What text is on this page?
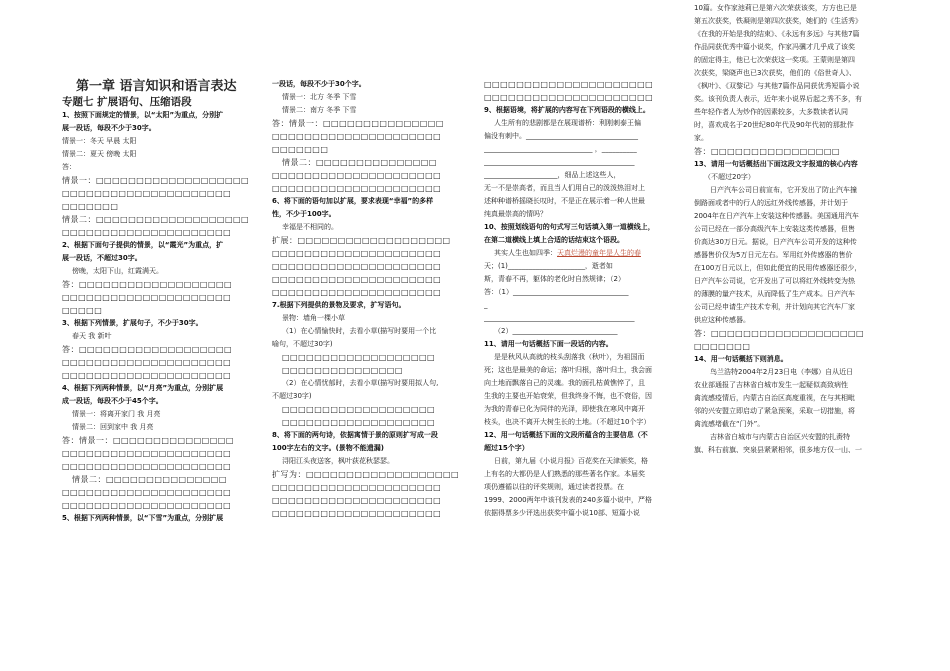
第一章 语言知识和语言表达
专题七 扩展语句、压缩语段
1、按照下面规定的情景，以“太阳”为重点，分别扩
展一段话，每段不少于30字。
情景一：冬天 早晨 太阳
情景二：夏天 傍晚 太阳
答：
情景一：□□□□□□□□□□□□□□□□□□□
□□□□□□□□□□□□□□□□□□□□□
□□□□□□□
情景二：□□□□□□□□□□□□□□□□□□□
□□□□□□□□□□□□□□□□□□□□□
2、根据下面句子提供的情景，以“霞光”为重点，扩
展一段话，不超过30字。
傍晚，太阳下山，红霞满天。
答：□□□□□□□□□□□□□□□□□□□
□□□□□□□□□□□□□□□□□□□□□
□□□□□
3、根据下列情景，扩展句子，不少于30字。
春天 我 新叶
答：□□□□□□□□□□□□□□□□□□□
□□□□□□□□□□□□□□□□□□□□□
□□□□□□□□□□□□□□□□□□□□□
4、根据下列两种情景，以“月亮”为重点，分别扩展
成一段话，每段不少于45个字。
情景一：将离开家门 我 月亮
情景二：回到家中 我 月亮
答：情景一：□□□□□□□□□□□□□□□
□□□□□□□□□□□□□□□□□□□□□
□□□□□□□□□□□□□□□□□□□□□
情景二：□□□□□□□□□□□□□□□
□□□□□□□□□□□□□□□□□□□□□
□□□□□□□□□□□□□□□□□□□□□
5、根据下列两种情景，以“下雪”为重点，分别扩展
一段话，每段不少于30个字。
情景一：北方 冬季 下雪
情景二：南方 冬季 下雪
答：情景一：□□□□□□□□□□□□□□□
□□□□□□□□□□□□□□□□□□□□□
□□□□□□□
情景二：□□□□□□□□□□□□□□□
□□□□□□□□□□□□□□□□□□□□□
□□□□□□□□□□□□□□□□□□□□□
6、将下面的语句加以扩展，要求表现“幸福”的多样
性，不少于100字。
幸福是不相同的。
扩展：□□□□□□□□□□□□□□□□□□□
□□□□□□□□□□□□□□□□□□□□□
□□□□□□□□□□□□□□□□□□□□□
□□□□□□□□□□□□□□□□□□□□□
□□□□□□□□□□□□□□□□□□□□□
7.根据下列提供的景物及要求，扩写语句。
景物：墙角一棵小草
（1）在心情愉快时，去看小草(描写时要用一个比
喻句，不超过30字)
□□□□□□□□□□□□□□□□□□□
□□□□□□□□□□□□□□□
（2）在心情忧郁时，去看小草(描写时要用拟人句,
不超过30字)
□□□□□□□□□□□□□□□□□□□
□□□□□□□□□□□□□□□□□□□
8、将下面的两句诗，依据寓情于景的原则扩写成一段
100字左右的文字。(景物不能遗漏)
浔阳江头夜送客，枫叶荻花秋瑟瑟。
扩写为：□□□□□□□□□□□□□□□□□□□
□□□□□□□□□□□□□□□□□□□□□
□□□□□□□□□□□□□□□□□□□□□
□□□□□□□□□□□□□□□□□□□□□
□□□□□□□□□□□□□□□□□□□□□
□□□□□□□□□□□□□□□□□□□□□
9、根据语境，将扩展的内容写在下列语段的横线上。
人生所有的悲剧都是在展现谱桥：利刚刺泰王偏
偏没有刺中。________________________________
_______________________________ ，__________
___________________________________________
_____________________，细品上述这些人，
无一不是崇高者，而且当人们用自己的泼泼热泪对上
述种种谱桥摇晓长叹时，不是正在展示着一种人世最
纯真最崇高的情吗？
10、按照划线语句的句式写三句话填入第一道横线上，
在第二道横线上填上合适的话结束这个语段。
其实人生也如四季：天真烂漫的童年是人生的春
天；(1)______________________，逝者如
斯，青春不再，躯体的老化时自然规律；（2）
答：（1）_________________________________
_
___________________________________________
（2）______________________________
11、请用一句话概括下面一段话的内容。
是是秋风从高就的枝头刮落我（秋叶），为祖国而
死；这也是最美的命运；落叶归根，落叶归土，我会面
向土地而飘落自己的灵魂。我的面孔枯黄憔悴了，且
生我的主要也开始衰荣，但我终身不悔，也不衰俗，因
为我的青春已化为同伴的光泽，即使我在寒风中离开
枝头，也决不离开大树生长的土地。（不超过10个字）
12、用一句话概括下面的文段所蕴含的主要信息（不
超过15个字）
日前，第九届《小说月报》百花奖在天津颁奖，格
上有名的大都仍是人们熟悉的那些著名作家。本届奖
项仍遵循以往的评奖规则，通过读者投票。在
1999、2000两年中该刊发表的240多篇小说中，严格
依据得票多少评选出获奖中篇小说10部、短篇小说
10篇。女作家池莉已是第六次荣获该奖，方方也已是
第五次获奖，铁凝则是第四次获奖，她们的《生活秀》
《在我的开始是我的结束》、《永远有多远》与其他7篇
作品同获优秀中篇小说奖，作家冯骥才几乎成了该奖
的固定得主，他已七次荣获这一奖项。王蒙则是第四
次获奖，梁晓声也已3次获奖，他们的《俗世奇人》、
《枫叶》、《双黎记》与其他7篇作品同获优秀短篇小说
奖。该刊负责人表示，近年来小说界后起之秀不多，有
些年轻作者人为炒作的因素较多，大多数读者认同
时，喜欢成名于20世纪80年代及90年代初的那批作
家。
答：□□□□□□□□□□□□□□□□
13、请用一句话概括出下面这段文字报道的核心内容
（不超过20字）
日产汽车公司日前宣布，它开发出了防止汽车撞
倒路面或者中的行人的远红外线传感器，并计划于
2004年在日产汽车上安装这种传感器。美国通用汽车
公司已经在一部分高级汽车上安装这类传感器，但售
价高达30万日元。据说，日产汽车公司开发的这种传
感器售价仅为5万日元左右。军用红外传感器的售价
在100万日元以上，但如此便宜的民用传感器还很少，
日产汽车公司说，它开发出了可以将红外线转变为热
的薄膜的量产技术，从而降低了生产成本。日产汽车
公司已经申请生产技术专利，并计划向其它汽车厂家
供应这种传感器。
答：□□□□□□□□□□□□□□□□□□□
□□□□□□□
14、用一句话概括下则消息。
鸟兰浩特2004年2月23日电（李娜）自从近日
农业部通报了吉林省白城市发生一起疑似高致病性
禽流感疫情后，内蒙古自治区高度重视，在与其相毗
邻的兴安盟立即启动了紧急预案，采取一切措施，将
禽流感堵截在“门外”。
吉林省白城市与内蒙古自治区兴安盟的扎赉特
旗、科右前旗、突泉县紧紧相邻，很多地方仅一山、一
